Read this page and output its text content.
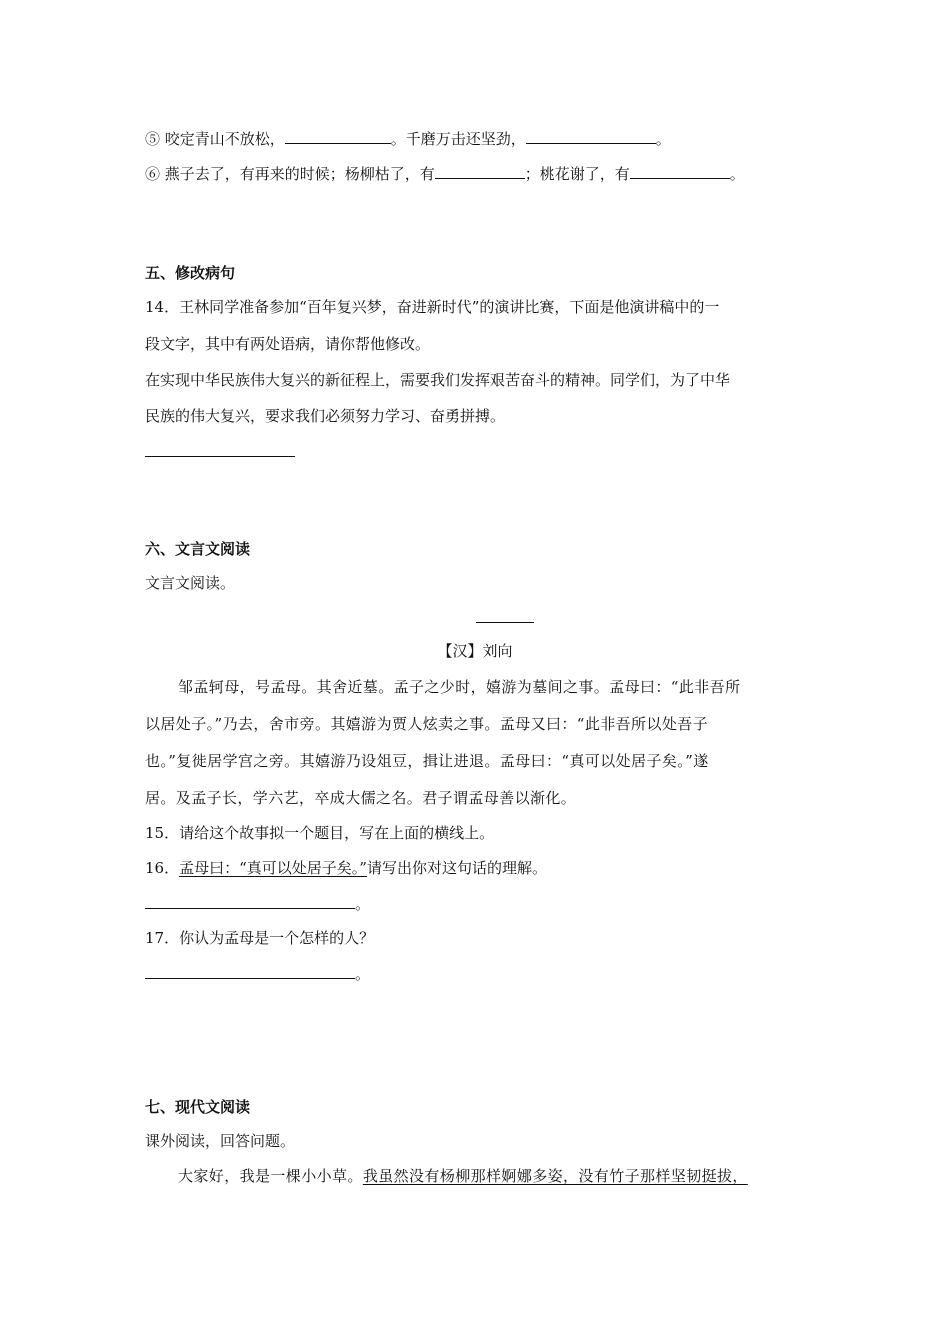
⑤ 咬定青山不放松，	。千磨万击还坚劲，	。
⑥ 燕子去了，有再来的时候；杨柳枯了，有	；桃花谢了，有	。
五、修改病句
14．王林同学准备参加“百年复兴梦，奋进新时代”的演讲比赛，下面是他演讲稿中的一
段文字，其中有两处语病，请你帮他修改。
在实现中华民族伟大复兴的新征程上，需要我们发挥艰苦奋斗的精神。同学们，为了中华
民族的伟大复兴，要求我们必须努力学习、奋勇拼搏。
六、文言文阅读
文言文阅读。
【汉】刘向
邹孟轲母，号孟母。其舍近墓。孟子之少时，嬉游为墓间之事。孟母曰：“此非吾所
以居处子。”乃去，舍市旁。其嬉游为贾人炫卖之事。孟母又曰：“此非吾所以处吾子
也。”复徙居学宫之旁。其嬉游乃设俎豆，揖让进退。孟母曰：“真可以处居子矣。”遂
居。及孟子长，学六艺，卒成大儒之名。君子谓孟母善以渐化。
15．请给这个故事拟一个题目，写在上面的横线上。
16．孟母曰：“真可以处居子矣。”请写出你对这句话的理解。
。
17．你认为孟母是一个怎样的人？
。
七、现代文阅读
课外阅读，回答问题。
大家好，我是一棵小小草。我虽然没有杨柳那样婀娜多姿，没有竹子那样坚韧挺拔，
